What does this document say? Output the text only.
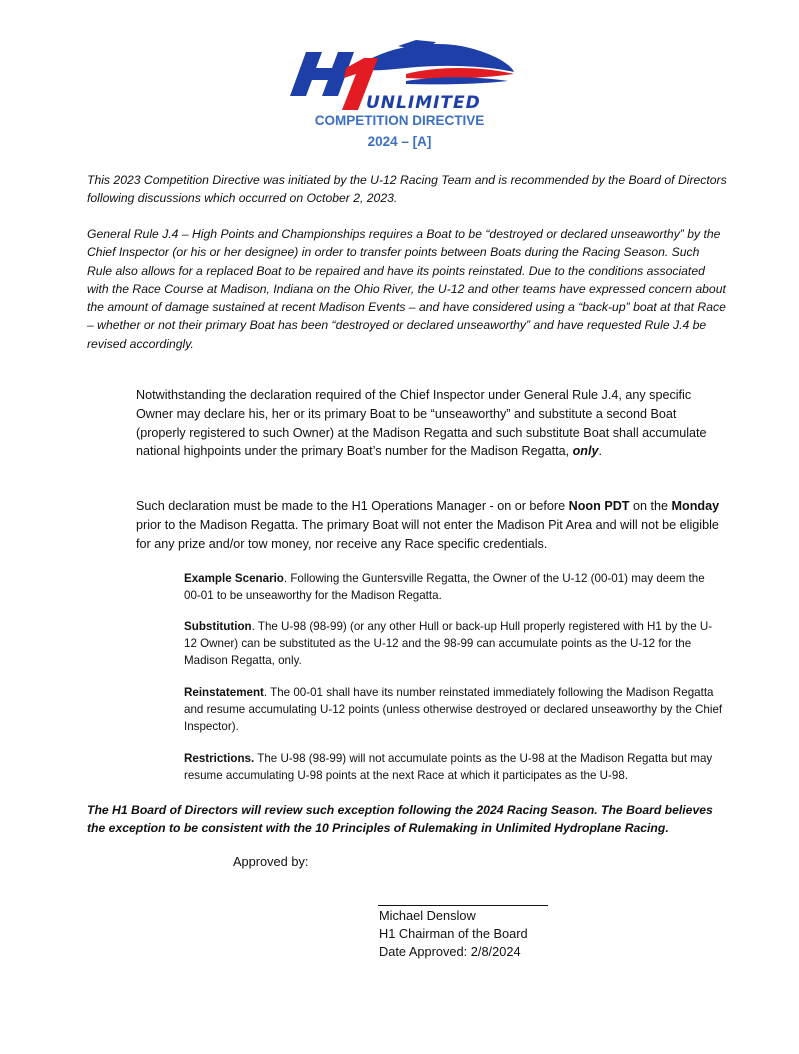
UNLIMITED
COMPETITION DIRECTIVE
2024 – [A]
This 2023 Competition Directive was initiated by the U-12 Racing Team and is recommended by the Board of Directors following discussions which occurred on October 2, 2023.
General Rule J.4 – High Points and Championships requires a Boat to be “destroyed or declared unseaworthy” by the Chief Inspector (or his or her designee) in order to transfer points between Boats during the Racing Season. Such Rule also allows for a replaced Boat to be repaired and have its points reinstated. Due to the conditions associated with the Race Course at Madison, Indiana on the Ohio River, the U-12 and other teams have expressed concern about the amount of damage sustained at recent Madison Events – and have considered using a “back-up” boat at that Race – whether or not their primary Boat has been “destroyed or declared unseaworthy” and have requested Rule J.4 be revised accordingly.
Notwithstanding the declaration required of the Chief Inspector under General Rule J.4, any specific Owner may declare his, her or its primary Boat to be “unseaworthy” and substitute a second Boat (properly registered to such Owner) at the Madison Regatta and such substitute Boat shall accumulate national highpoints under the primary Boat’s number for the Madison Regatta, only.
Such declaration must be made to the H1 Operations Manager - on or before Noon PDT on the Monday prior to the Madison Regatta. The primary Boat will not enter the Madison Pit Area and will not be eligible for any prize and/or tow money, nor receive any Race specific credentials.
Example Scenario. Following the Guntersville Regatta, the Owner of the U-12 (00-01) may deem the 00-01 to be unseaworthy for the Madison Regatta.
Substitution. The U-98 (98-99) (or any other Hull or back-up Hull properly registered with H1 by the U-12 Owner) can be substituted as the U-12 and the 98-99 can accumulate points as the U-12 for the Madison Regatta, only.
Reinstatement. The 00-01 shall have its number reinstated immediately following the Madison Regatta and resume accumulating U-12 points (unless otherwise destroyed or declared unseaworthy by the Chief Inspector).
Restrictions. The U-98 (98-99) will not accumulate points as the U-98 at the Madison Regatta but may resume accumulating U-98 points at the next Race at which it participates as the U-98.
The H1 Board of Directors will review such exception following the 2024 Racing Season. The Board believes the exception to be consistent with the 10 Principles of Rulemaking in Unlimited Hydroplane Racing.
Approved by:
Michael Denslow
H1 Chairman of the Board
Date Approved: 2/8/2024
